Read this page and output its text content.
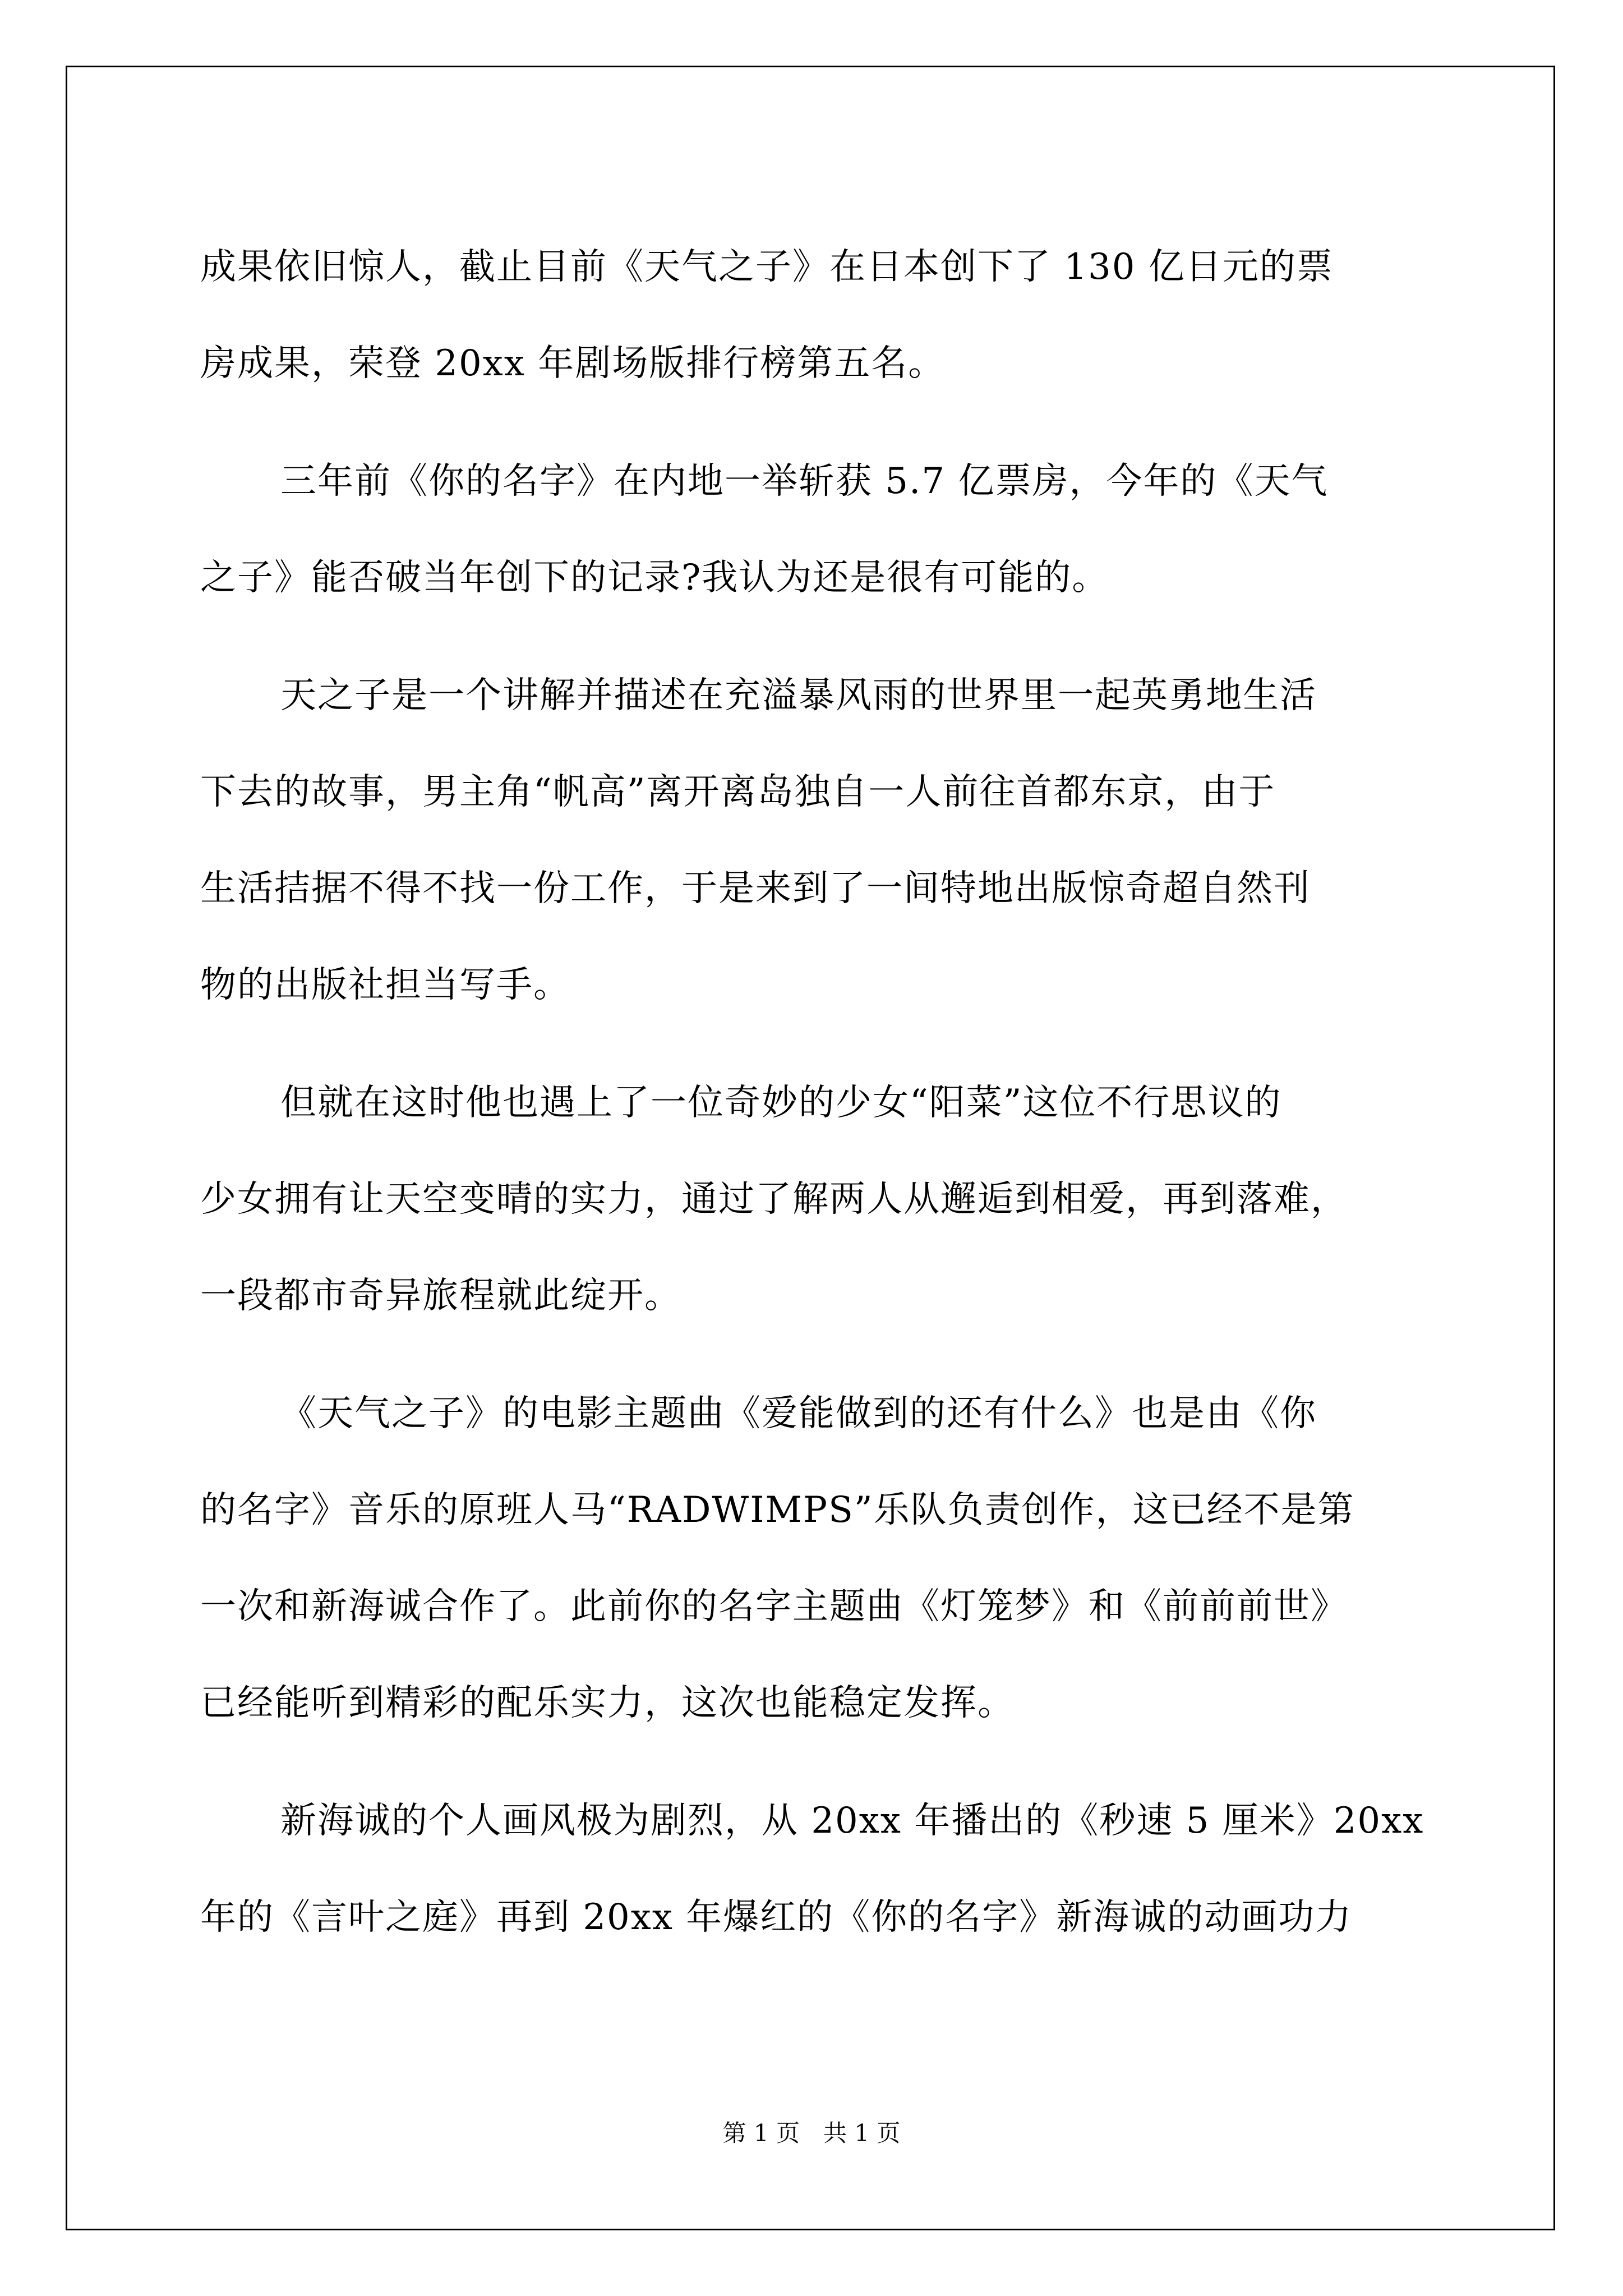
成果依旧惊人，截止目前《天气之子》在日本创下了 130 亿日元的票
房成果，荣登 20xx 年剧场版排行榜第五名。

三年前《你的名字》在内地一举斩获 5.7 亿票房，今年的《天气
之子》能否破当年创下的记录?我认为还是很有可能的。

天之子是一个讲解并描述在充溢暴风雨的世界里一起英勇地生活
下去的故事，男主角“帆高”离开离岛独自一人前往首都东京，由于
生活拮据不得不找一份工作，于是来到了一间特地出版惊奇超自然刊
物的出版社担当写手。

但就在这时他也遇上了一位奇妙的少女“阳菜”这位不行思议的
少女拥有让天空变晴的实力，通过了解两人从邂逅到相爱，再到落难，
一段都市奇异旅程就此绽开。

《天气之子》的电影主题曲《爱能做到的还有什么》也是由《你
的名字》音乐的原班人马“RADWIMPS”乐队负责创作，这已经不是第
一次和新海诚合作了。此前你的名字主题曲《灯笼梦》和《前前前世》
已经能听到精彩的配乐实力，这次也能稳定发挥。

新海诚的个人画风极为剧烈，从 20xx 年播出的《秒速 5 厘米》20xx
年的《言叶之庭》再到 20xx 年爆红的《你的名字》新海诚的动画功力

第 1 页 共 1 页
